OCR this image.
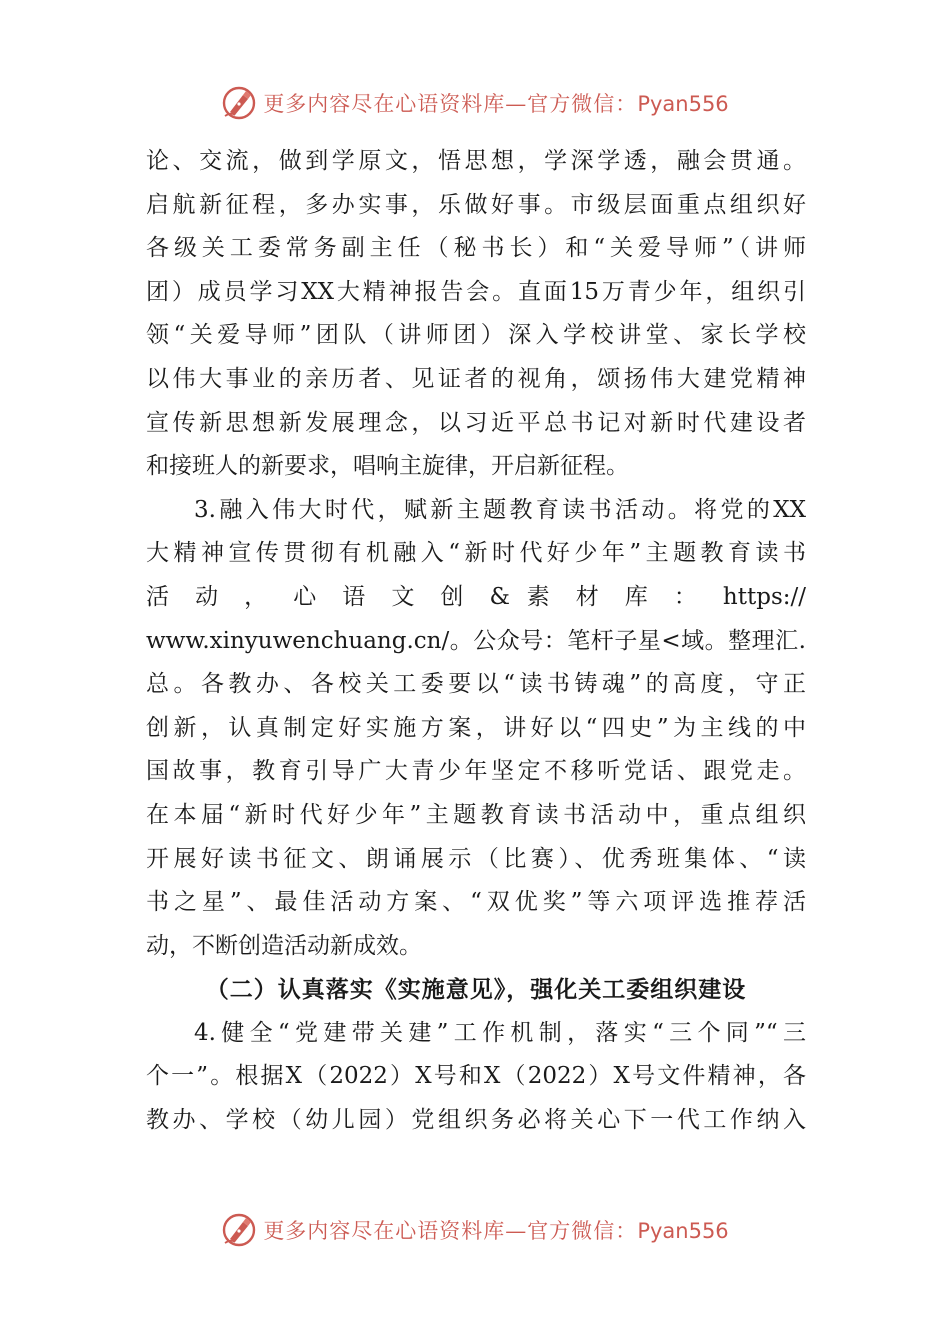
更多内容尽在心语资料库—官方微信：Pyan556
论、交流，做到学原文，悟思想，学深学透，融会贯通。
启航新征程，多办实事，乐做好事。市级层面重点组织好
各级关工委常务副主任（秘书长）和“关爱导师”（讲师
团）成员学习XX大精神报告会。直面15万青少年，组织引
领“关爱导师”团队（讲师团）深入学校讲堂、家长学校
以伟大事业的亲历者、见证者的视角，颂扬伟大建党精神
宣传新思想新发展理念，以习近平总书记对新时代建设者
和接班人的新要求，唱响主旋律，开启新征程。
3.融入伟大时代，赋新主题教育读书活动。将党的XX
大精神宣传贯彻有机融入“新时代好少年”主题教育读书
活 动 ， 心 语 文 创 & 素 材 库 ： https://
www.xinyuwenchuang.cn/。公众号：笔杆子星<域。整理汇.
总。各教办、各校关工委要以“读书铸魂”的高度，守正
创新，认真制定好实施方案，讲好以“四史”为主线的中
国故事，教育引导广大青少年坚定不移听党话、跟党走。
在本届“新时代好少年”主题教育读书活动中，重点组织
开展好读书征文、朗诵展示（比赛）、优秀班集体、“读
书之星”、最佳活动方案、“双优奖”等六项评选推荐活
动，不断创造活动新成效。
（二）认真落实《实施意见》，强化关工委组织建设
4.健全“党建带关建”工作机制，落实“三个同”“三
个一”。根据X（2022）X号和X（2022）X号文件精神，各
教办、学校（幼儿园）党组织务必将关心下一代工作纳入
更多内容尽在心语资料库—官方微信：Pyan556
